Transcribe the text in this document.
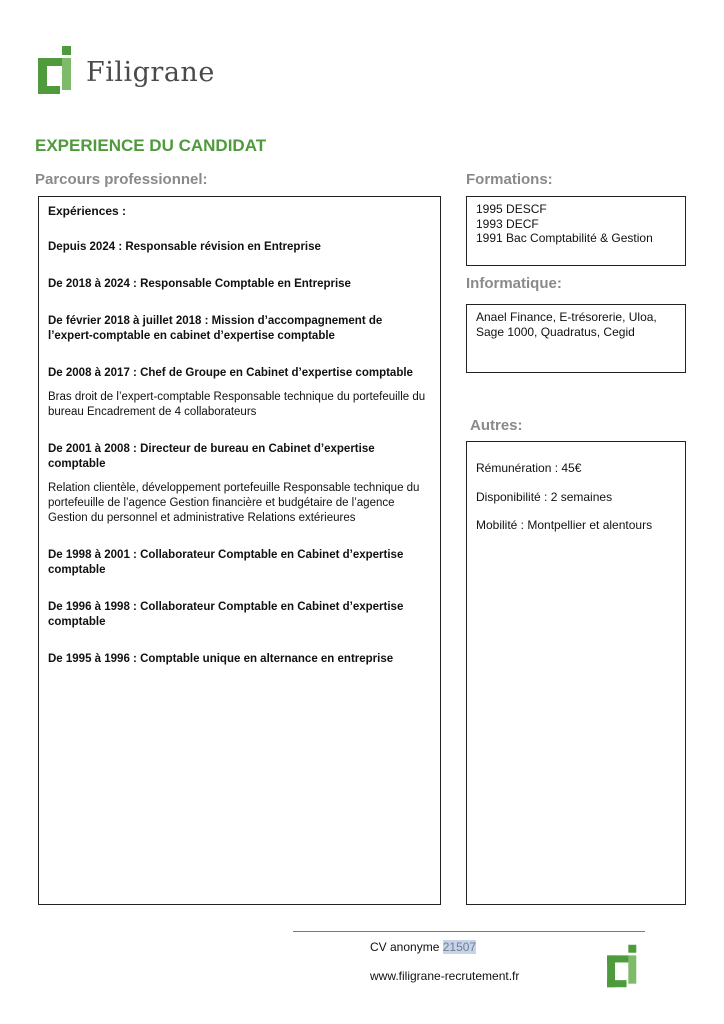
Filigrane
EXPERIENCE DU CANDIDAT
Parcours professionnel:

Expériences :

Depuis 2024 : Responsable révision en Entreprise

De 2018 à 2024 : Responsable Comptable en Entreprise

De février 2018 à juillet 2018 : Mission d’accompagnement de l’expert-comptable en cabinet d’expertise comptable

De 2008 à 2017 : Chef de Groupe en Cabinet d’expertise comptable

Bras droit de l’expert-comptable Responsable technique du portefeuille du bureau Encadrement de 4 collaborateurs

De 2001 à 2008 : Directeur de bureau en Cabinet d’expertise comptable

Relation clientèle, développement portefeuille Responsable technique du portefeuille de l’agence Gestion financière et budgétaire de l’agence Gestion du personnel et administrative Relations extérieures

De 1998 à 2001 : Collaborateur Comptable en Cabinet d’expertise comptable

De 1996 à 1998 : Collaborateur Comptable en Cabinet d’expertise comptable

De 1995 à 1996 : Comptable unique en alternance en entreprise

Formations:

1995 DESCF

1993 DECF

1991 Bac Comptabilité & Gestion

Informatique:

Anael Finance, E-trésorerie, Uloa, Sage 1000, Quadratus, Cegid

Autres:

Rémunération : 45€

Disponibilité : 2 semaines

Mobilité : Montpellier et alentours

CV anonyme 21507
www.filigrane-recrutement.fr
